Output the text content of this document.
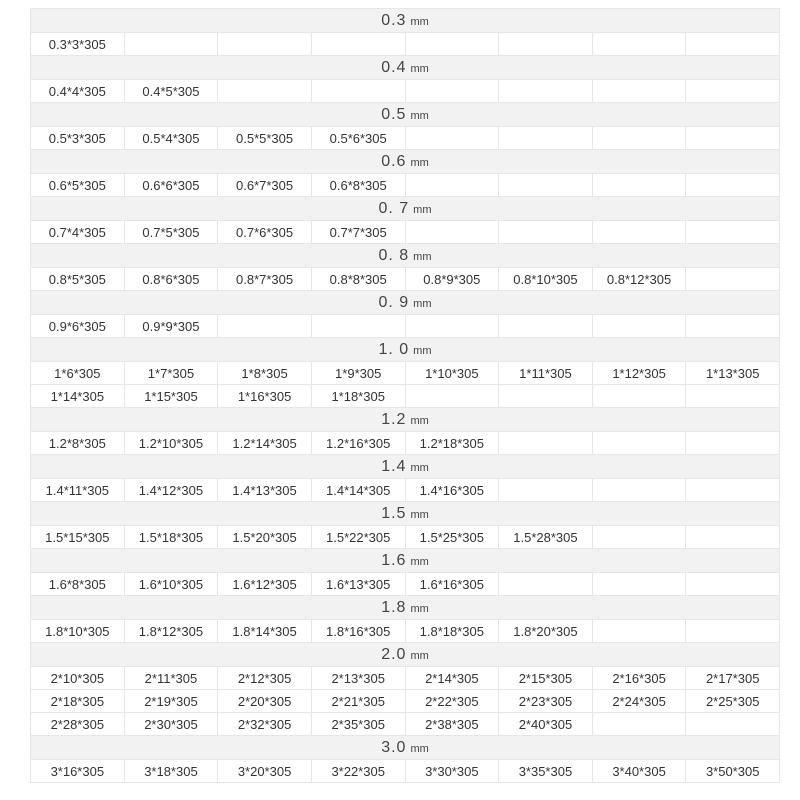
0.3 mm							
0.3*3*305							
0.4 mm							
0.4*4*305	0.4*5*305						
0.5 mm							
0.5*3*305	0.5*4*305	0.5*5*305	0.5*6*305				
0.6 mm							
0.6*5*305	0.6*6*305	0.6*7*305	0.6*8*305				
0. 7 mm							
0.7*4*305	0.7*5*305	0.7*6*305	0.7*7*305				
0. 8 mm							
0.8*5*305	0.8*6*305	0.8*7*305	0.8*8*305	0.8*9*305	0.8*10*305	0.8*12*305	
0. 9 mm							
0.9*6*305	0.9*9*305						
1. 0 mm							
1*6*305	1*7*305	1*8*305	1*9*305	1*10*305	1*11*305	1*12*305	1*13*305
1*14*305	1*15*305	1*16*305	1*18*305				
1.2 mm							
1.2*8*305	1.2*10*305	1.2*14*305	1.2*16*305	1.2*18*305			
1.4 mm							
1.4*11*305	1.4*12*305	1.4*13*305	1.4*14*305	1.4*16*305			
1.5 mm							
1.5*15*305	1.5*18*305	1.5*20*305	1.5*22*305	1.5*25*305	1.5*28*305		
1.6 mm							
1.6*8*305	1.6*10*305	1.6*12*305	1.6*13*305	1.6*16*305			
1.8 mm							
1.8*10*305	1.8*12*305	1.8*14*305	1.8*16*305	1.8*18*305	1.8*20*305		
2.0 mm							
2*10*305	2*11*305	2*12*305	2*13*305	2*14*305	2*15*305	2*16*305	2*17*305
2*18*305	2*19*305	2*20*305	2*21*305	2*22*305	2*23*305	2*24*305	2*25*305
2*28*305	2*30*305	2*32*305	2*35*305	2*38*305	2*40*305		
3.0 mm							
3*16*305	3*18*305	3*20*305	3*22*305	3*30*305	3*35*305	3*40*305	3*50*305
